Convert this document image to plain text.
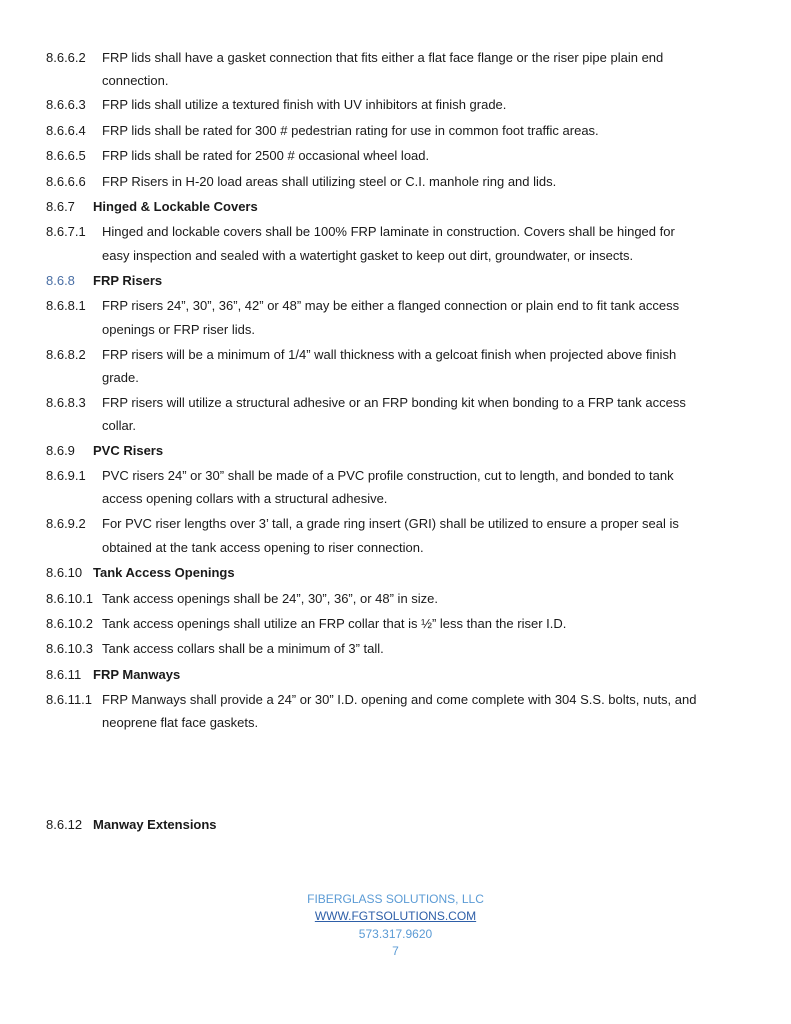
8.6.6.2 FRP lids shall have a gasket connection that fits either a flat face flange or the riser pipe plain end
connection.
8.6.6.3 FRP lids shall utilize a textured finish with UV inhibitors at finish grade.
8.6.6.4 FRP lids shall be rated for 300 # pedestrian rating for use in common foot traffic areas.
8.6.6.5 FRP lids shall be rated for 2500 # occasional wheel load.
8.6.6.6 FRP Risers in H-20 load areas shall utilizing steel or C.I. manhole ring and lids.
8.6.7 Hinged & Lockable Covers
8.6.7.1 Hinged and lockable covers shall be 100% FRP laminate in construction. Covers shall be hinged for
easy inspection and sealed with a watertight gasket to keep out dirt, groundwater, or insects.
8.6.8 FRP Risers
8.6.8.1 FRP risers 24”, 30”, 36”, 42” or 48” may be either a flanged connection or plain end to fit tank access
openings or FRP riser lids.
8.6.8.2 FRP risers will be a minimum of 1/4” wall thickness with a gelcoat finish when projected above finish
grade.
8.6.8.3 FRP risers will utilize a structural adhesive or an FRP bonding kit when bonding to a FRP tank access
collar.
8.6.9 PVC Risers
8.6.9.1 PVC risers 24” or 30” shall be made of a PVC profile construction, cut to length, and bonded to tank
access opening collars with a structural adhesive.
8.6.9.2 For PVC riser lengths over 3’ tall, a grade ring insert (GRI) shall be utilized to ensure a proper seal is
obtained at the tank access opening to riser connection.
8.6.10 Tank Access Openings
8.6.10.1 Tank access openings shall be 24”, 30”, 36”, or 48” in size.
8.6.10.2 Tank access openings shall utilize an FRP collar that is ½” less than the riser I.D.
8.6.10.3 Tank access collars shall be a minimum of 3” tall.
8.6.11 FRP Manways
8.6.11.1 FRP Manways shall provide a 24” or 30” I.D. opening and come complete with 304 S.S. bolts, nuts, and
neoprene flat face gaskets.
8.6.12 Manway Extensions
FIBERGLASS SOLUTIONS, LLC
WWW.FGTSOLUTIONS.COM
573.317.9620
7
